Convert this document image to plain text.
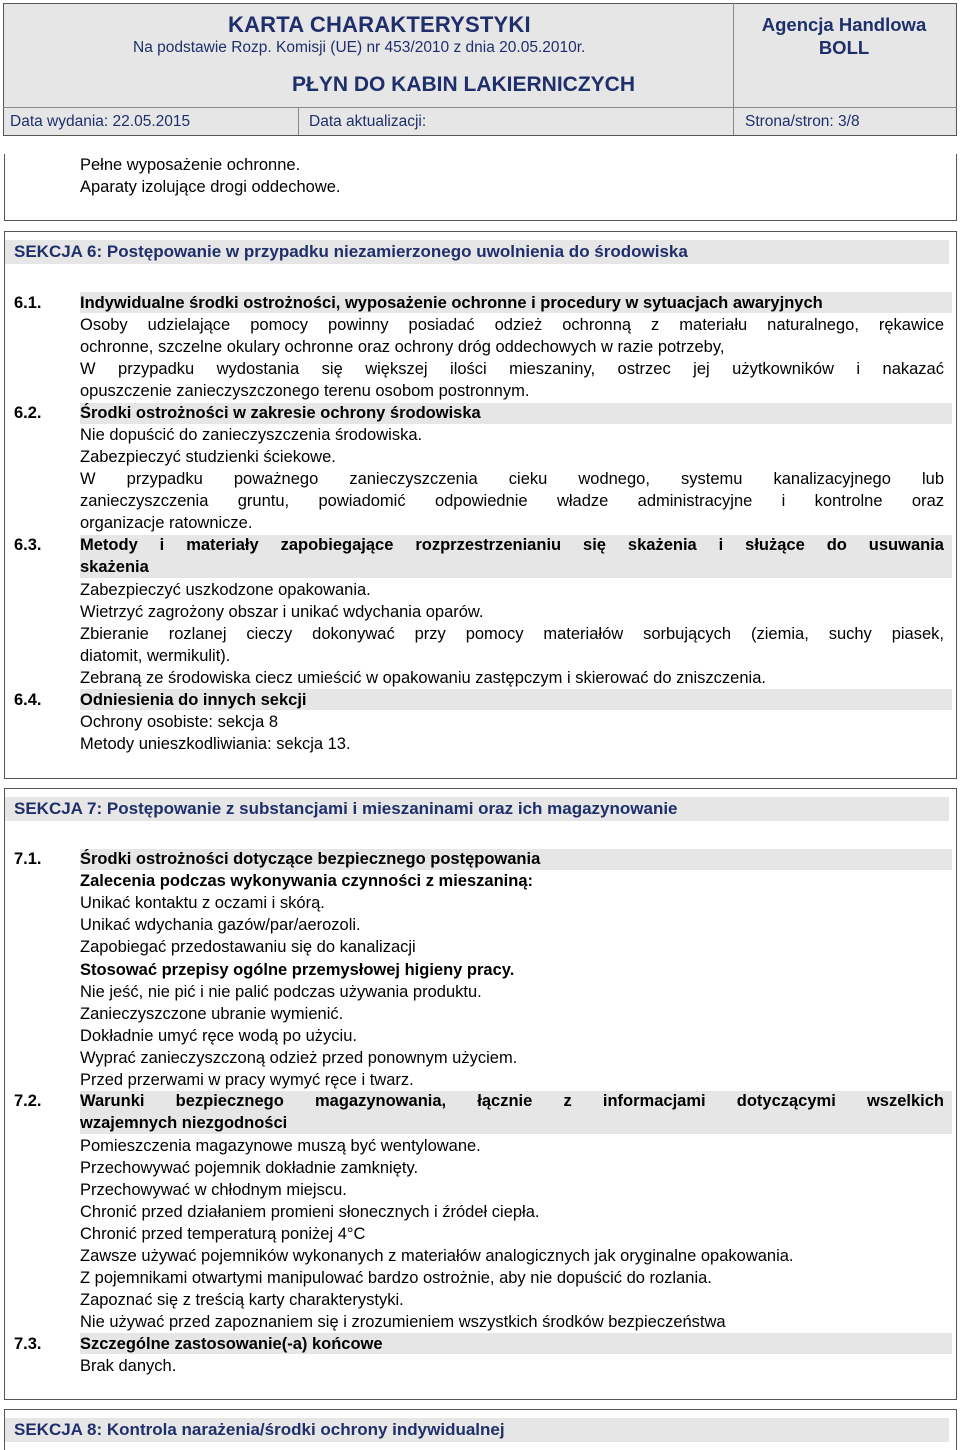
KARTA CHARAKTERYSTYKI
Na podstawie Rozp. Komisji (UE) nr 453/2010 z dnia 20.05.2010r.
PŁYN DO KABIN LAKIERNICZYCH
Agencja Handlowa
BOLL
Data wydania: 22.05.2015	Data aktualizacji:	Strona/stron: 3/8
Pełne wyposażenie ochronne.
Aparaty izolujące drogi oddechowe.
SEKCJA 6: Postępowanie w przypadku niezamierzonego uwolnienia do środowiska
6.1. Indywidualne środki ostrożności, wyposażenie ochronne i procedury w sytuacjach awaryjnych
Osoby udzielające pomocy powinny posiadać odzież ochronną z materiału naturalnego, rękawice
ochronne, szczelne okulary ochronne oraz ochrony dróg oddechowych w razie potrzeby,
W przypadku wydostania się większej ilości mieszaniny, ostrzec jej użytkowników i nakazać
opuszczenie zanieczyszczonego terenu osobom postronnym.
6.2. Środki ostrożności w zakresie ochrony środowiska
Nie dopuścić do zanieczyszczenia środowiska.
Zabezpieczyć studzienki ściekowe.
W przypadku poważnego zanieczyszczenia cieku wodnego, systemu kanalizacyjnego lub
zanieczyszczenia gruntu, powiadomić odpowiednie władze administracyjne i kontrolne oraz
organizacje ratownicze.
6.3. Metody i materiały zapobiegające rozprzestrzenianiu się skażenia i służące do usuwania
skażenia
Zabezpieczyć uszkodzone opakowania.
Wietrzyć zagrożony obszar i unikać wdychania oparów.
Zbieranie rozlanej cieczy dokonywać przy pomocy materiałów sorbujących (ziemia, suchy piasek,
diatomit, wermikulit).
Zebraną ze środowiska ciecz umieścić w opakowaniu zastępczym i skierować do zniszczenia.
6.4. Odniesienia do innych sekcji
Ochrony osobiste: sekcja 8
Metody unieszkodliwiania: sekcja 13.
SEKCJA 7: Postępowanie z substancjami i mieszaninami oraz ich magazynowanie
7.1. Środki ostrożności dotyczące bezpiecznego postępowania
Zalecenia podczas wykonywania czynności z mieszaniną:
Unikać kontaktu z oczami i skórą.
Unikać wdychania gazów/par/aerozoli.
Zapobiegać przedostawaniu się do kanalizacji
Stosować przepisy ogólne przemysłowej higieny pracy.
Nie jeść, nie pić i nie palić podczas używania produktu.
Zanieczyszczone ubranie wymienić.
Dokładnie umyć ręce wodą po użyciu.
Wyprać zanieczyszczoną odzież przed ponownym użyciem.
Przed przerwami w pracy wymyć ręce i twarz.
7.2. Warunki bezpiecznego magazynowania, łącznie z informacjami dotyczącymi wszelkich
wzajemnych niezgodności
Pomieszczenia magazynowe muszą być wentylowane.
Przechowywać pojemnik dokładnie zamknięty.
Przechowywać w chłodnym miejscu.
Chronić przed działaniem promieni słonecznych i źródeł ciepła.
Chronić przed temperaturą poniżej 4°C
Zawsze używać pojemników wykonanych z materiałów analogicznych jak oryginalne opakowania.
Z pojemnikami otwartymi manipulować bardzo ostrożnie, aby nie dopuścić do rozlania.
Zapoznać się z treścią karty charakterystyki.
Nie używać przed zapoznaniem się i zrozumieniem wszystkich środków bezpieczeństwa
7.3. Szczególne zastosowanie(-a) końcowe
Brak danych.
SEKCJA 8: Kontrola narażenia/środki ochrony indywidualnej
